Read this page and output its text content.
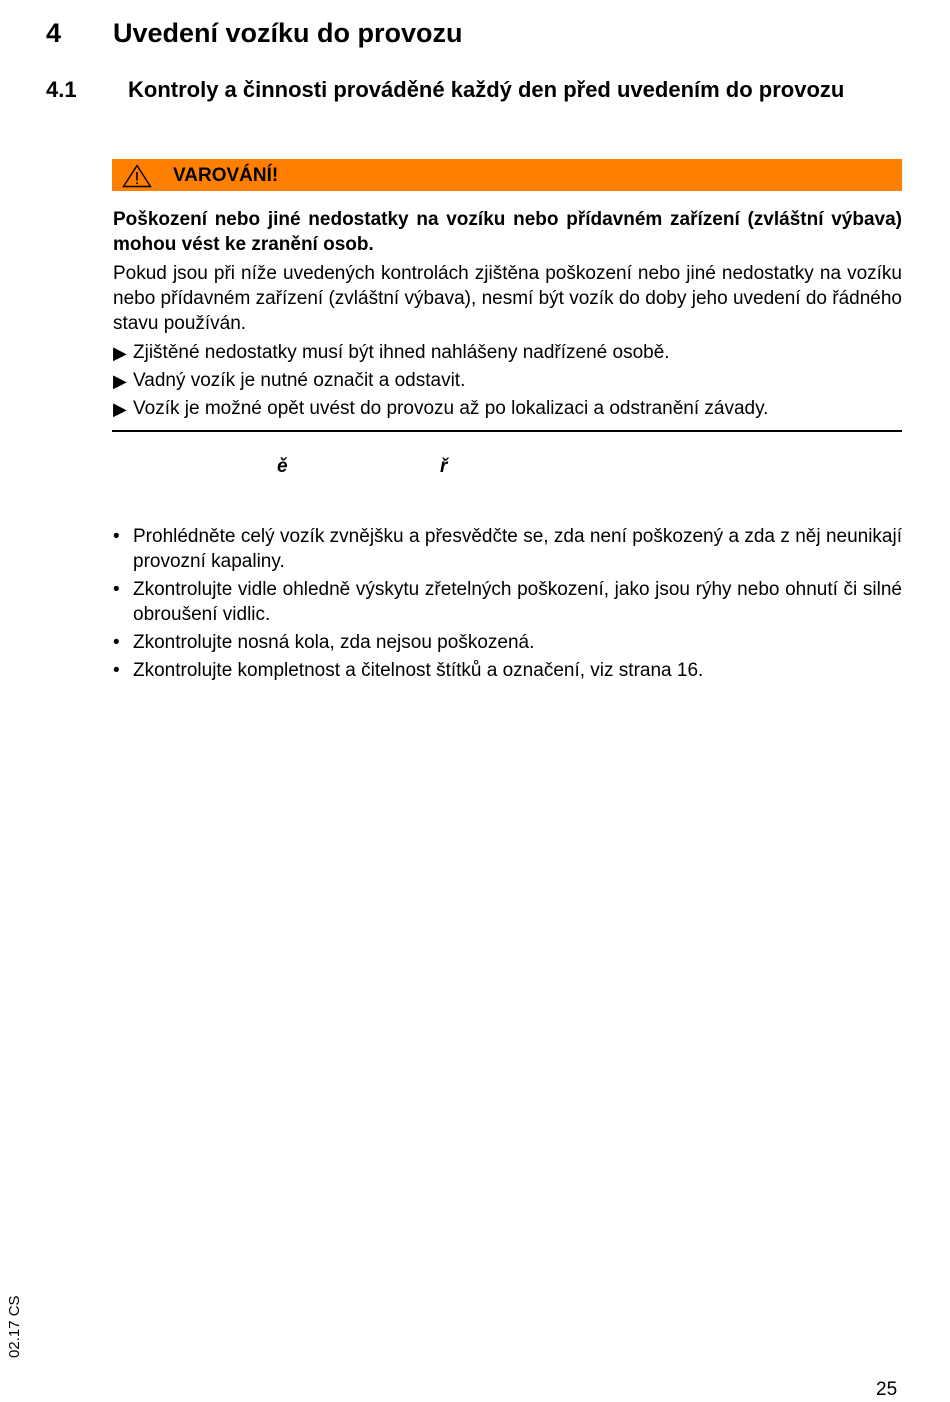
4 Uvedení vozíku do provozu
4.1 Kontroly a činnosti prováděné každý den před uvedením do provozu
VAROVÁNÍ!
Poškození nebo jiné nedostatky na vozíku nebo přídavném zařízení (zvláštní výbava) mohou vést ke zranění osob.
Pokud jsou při níže uvedených kontrolách zjištěna poškození nebo jiné nedostatky na vozíku nebo přídavném zařízení (zvláštní výbava), nesmí být vozík do doby jeho uvedení do řádného stavu používán.
▶ Zjištěné nedostatky musí být ihned nahlášeny nadřízené osobě.
▶ Vadný vozík je nutné označit a odstavit.
▶ Vozík je možné opět uvést do provozu až po lokalizaci a odstranění závady.
ě	ř
• Prohlédněte celý vozík zvnějšku a přesvědčte se, zda není poškozený a zda z něj neunikají provozní kapaliny.
• Zkontrolujte vidle ohledně výskytu zřetelných poškození, jako jsou rýhy nebo ohnutí či silné obroušení vidlic.
• Zkontrolujte nosná kola, zda nejsou poškozená.
• Zkontrolujte kompletnost a čitelnost štítků a označení, viz strana 16.
02.17 CS
25
